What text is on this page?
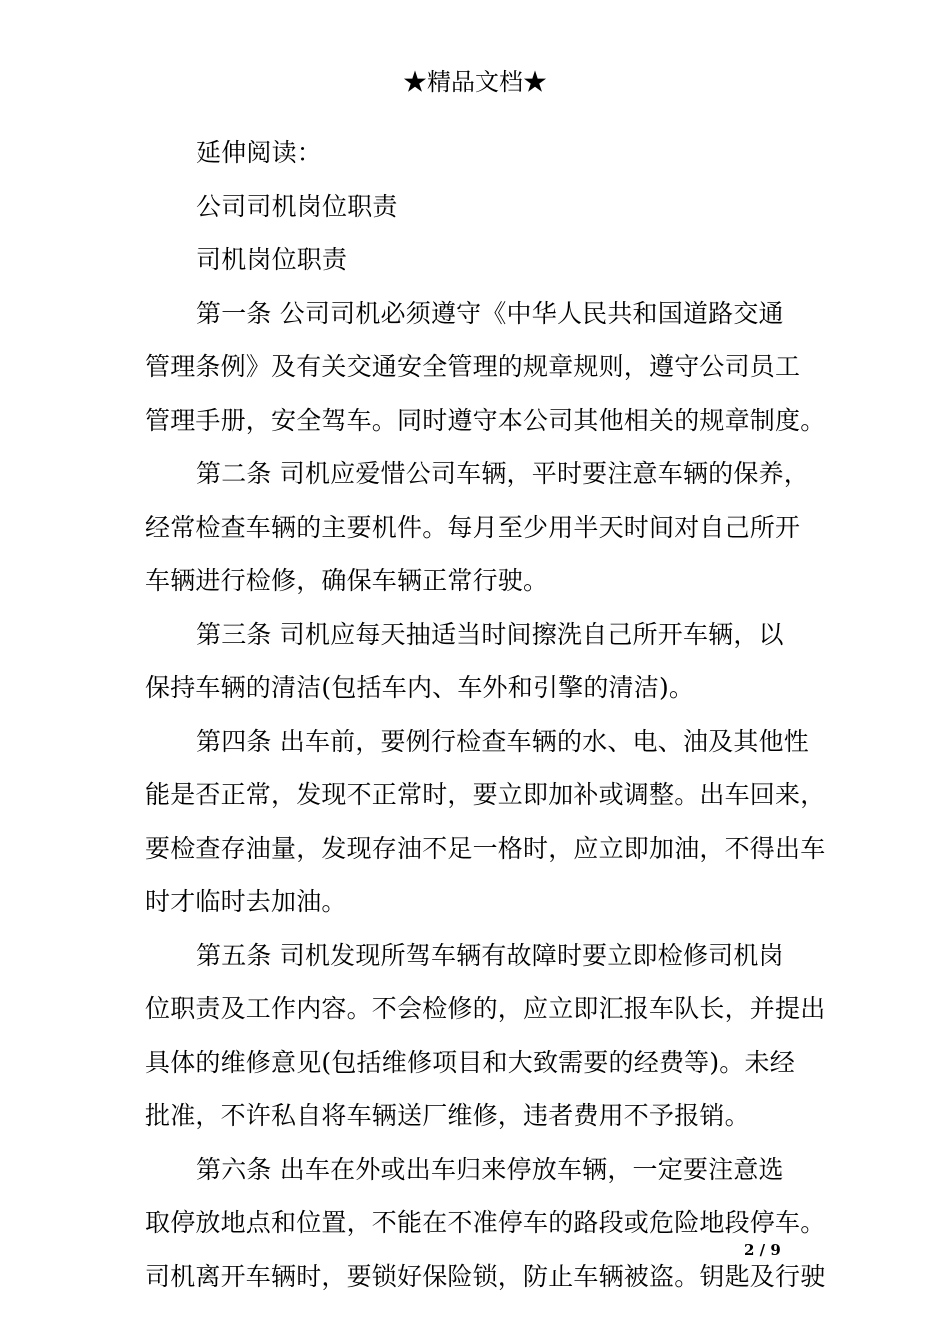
★精品文档★
延伸阅读：
公司司机岗位职责
司机岗位职责
第一条 公司司机必须遵守《中华人民共和国道路交通
管理条例》及有关交通安全管理的规章规则，遵守公司员工
管理手册，安全驾车。同时遵守本公司其他相关的规章制度。
第二条 司机应爱惜公司车辆，平时要注意车辆的保养，
经常检查车辆的主要机件。每月至少用半天时间对自己所开
车辆进行检修，确保车辆正常行驶。
第三条 司机应每天抽适当时间擦洗自己所开车辆，以
保持车辆的清洁(包括车内、车外和引擎的清洁)。
第四条 出车前，要例行检查车辆的水、电、油及其他性
能是否正常，发现不正常时，要立即加补或调整。出车回来，
要检查存油量，发现存油不足一格时，应立即加油，不得出车
时才临时去加油。
第五条 司机发现所驾车辆有故障时要立即检修司机岗
位职责及工作内容。不会检修的，应立即汇报车队长，并提出
具体的维修意见(包括维修项目和大致需要的经费等)。未经
批准，不许私自将车辆送厂维修，违者费用不予报销。
第六条 出车在外或出车归来停放车辆，一定要注意选
取停放地点和位置，不能在不准停车的路段或危险地段停车。
司机离开车辆时，要锁好保险锁，防止车辆被盗。钥匙及行驶
2 / 9
